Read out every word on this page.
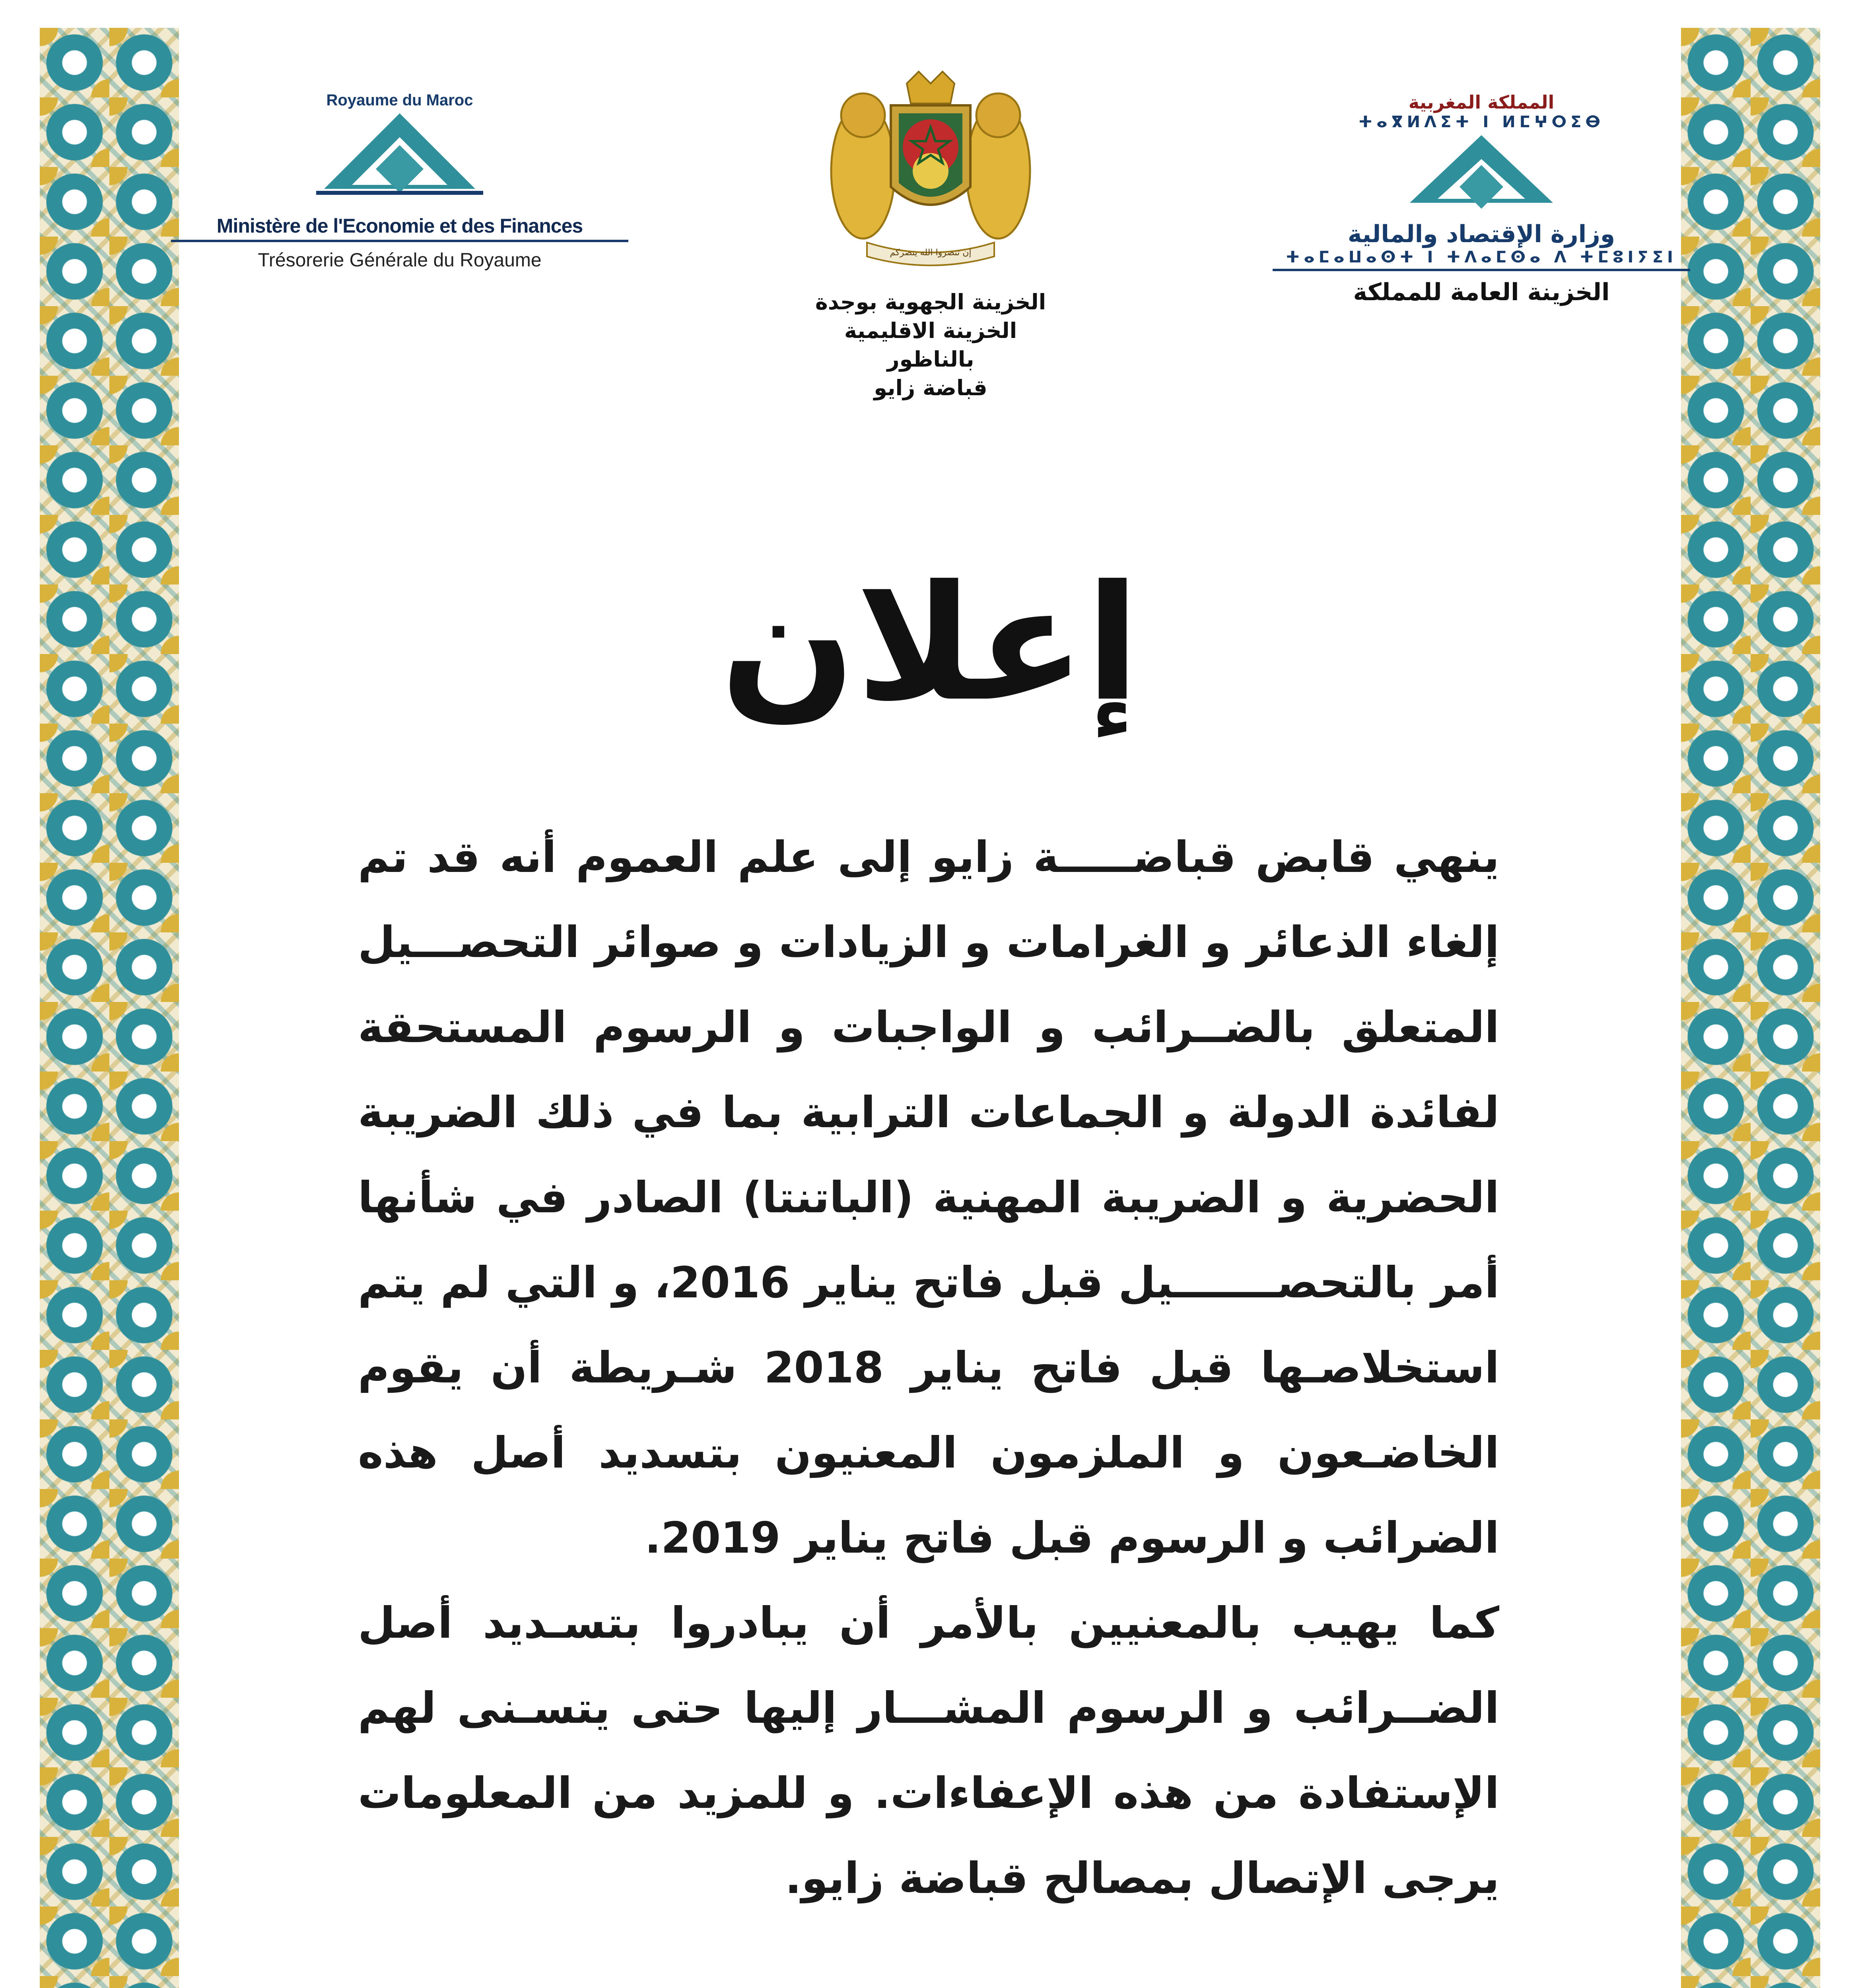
Royaume du Maroc
Ministère de l'Economie et des Finances
Trésorerie Générale du Royaume	إن تنصروا الله ينصركم
الخزينة الجهوية بوجدة
الخزينة الاقليمية بالناظور
قباضة زايو
المملكة المغربية
ⵜⴰⴳⵍⴷⵉⵜ ⵏ ⵍⵎⵖⵔⵉⴱ
وزارة الإقتصاد والمالية
ⵜⴰⵎⴰⵡⴰⵙⵜ ⵏ ⵜⴷⴰⵎⵙⴰ ⴷ ⵜⵎⵓⵏⵢⵉⵏ
الخزينة العامة للمملكة
إعلان

ينهي قابض قباضـــــة زايو إلى علم العموم أنه قد تم إلغاء الذعائر و الغرامات و الزيادات و صوائر التحصـــيل المتعلق بالضــرائب و الواجبات و الرسوم المستحقة لفائدة الدولة و الجماعات الترابية بما في ذلك الضريبة الحضرية و الضريبة المهنية (الباتنتا) الصادر في شأنها أمر بالتحصـــــــيل قبل فاتح يناير 2016، و التي لم يتم استخلاصـها قبل فاتح يناير 2018 شـريطة أن يقوم الخاضـعون و الملزمون المعنيون بتسديد أصل هذه الضرائب و الرسوم قبل فاتح يناير 2019.

كما يهيب بالمعنيين بالأمر أن يبادروا بتسـديد أصل الضــرائب و الرسوم المشـــار إليها حتى يتسـنى لهم الإستفادة من هذه الإعفاءات. و للمزيد من المعلومات يرجى الإتصال بمصالح قباضة زايو.
